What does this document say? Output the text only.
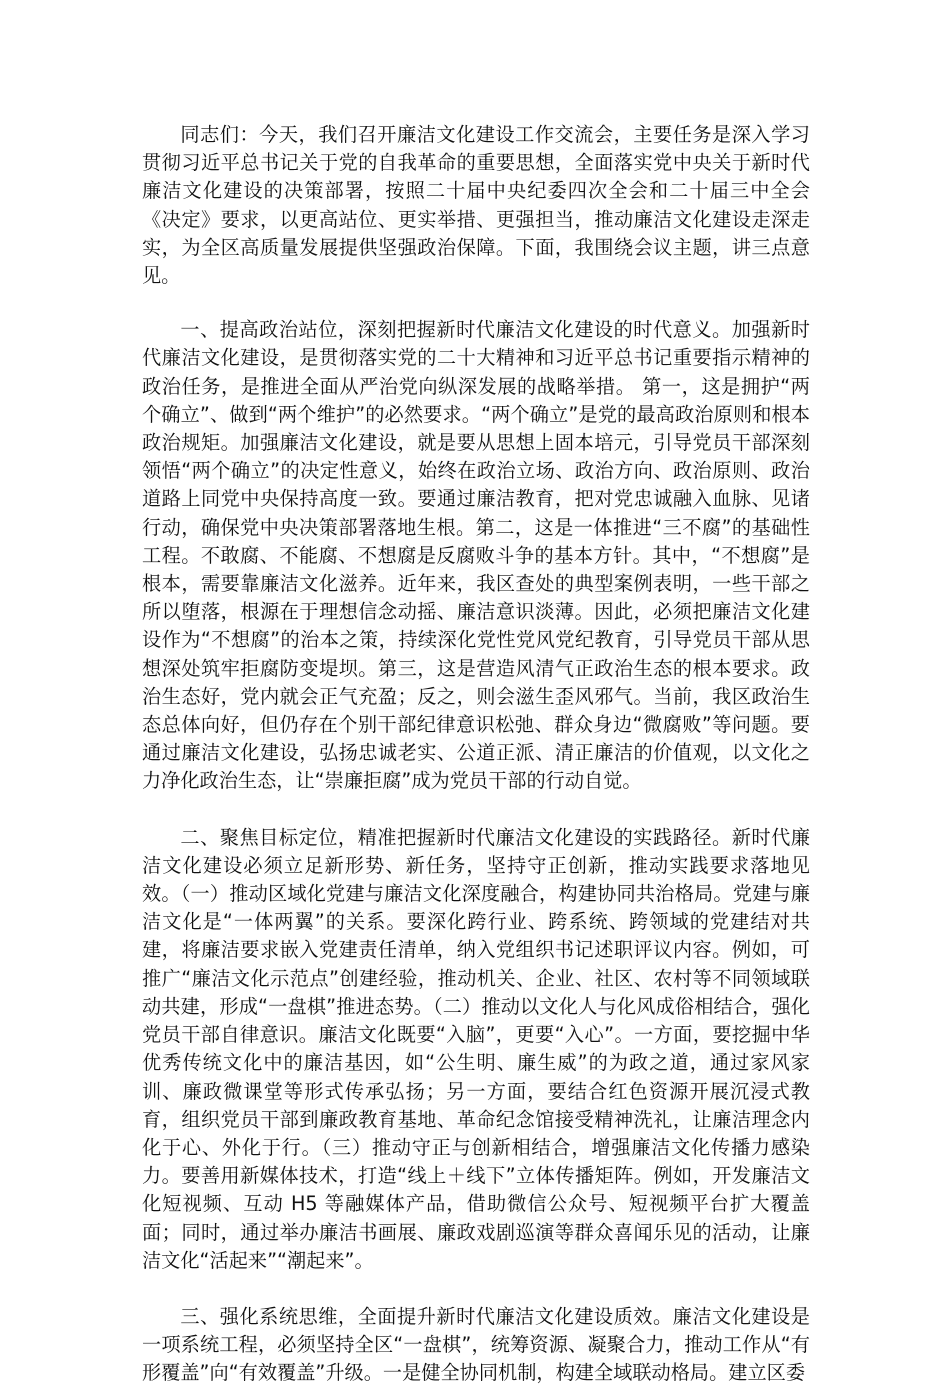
同志们：今天，我们召开廉洁文化建设工作交流会，主要任务是深入学习贯彻习近平总书记关于党的自我革命的重要思想，全面落实党中央关于新时代廉洁文化建设的决策部署，按照二十届中央纪委四次全会和二十届三中全会《决定》要求，以更高站位、更实举措、更强担当，推动廉洁文化建设走深走实，为全区高质量发展提供坚强政治保障。下面，我围绕会议主题，讲三点意见。

一、提高政治站位，深刻把握新时代廉洁文化建设的时代意义。加强新时代廉洁文化建设，是贯彻落实党的二十大精神和习近平总书记重要指示精神的政治任务，是推进全面从严治党向纵深发展的战略举措。 第一，这是拥护“两个确立”、做到“两个维护”的必然要求。“两个确立”是党的最高政治原则和根本政治规矩。加强廉洁文化建设，就是要从思想上固本培元，引导党员干部深刻领悟“两个确立”的决定性意义，始终在政治立场、政治方向、政治原则、政治道路上同党中央保持高度一致。要通过廉洁教育，把对党忠诚融入血脉、见诸行动，确保党中央决策部署落地生根。第二，这是一体推进“三不腐”的基础性工程。不敢腐、不能腐、不想腐是反腐败斗争的基本方针。其中，“不想腐”是根本，需要靠廉洁文化滋养。近年来，我区查处的典型案例表明，一些干部之所以堕落，根源在于理想信念动摇、廉洁意识淡薄。因此，必须把廉洁文化建设作为“不想腐”的治本之策，持续深化党性党风党纪教育，引导党员干部从思想深处筑牢拒腐防变堤坝。第三，这是营造风清气正政治生态的根本要求。政治生态好，党内就会正气充盈；反之，则会滋生歪风邪气。当前，我区政治生态总体向好，但仍存在个别干部纪律意识松弛、群众身边“微腐败”等问题。要通过廉洁文化建设，弘扬忠诚老实、公道正派、清正廉洁的价值观，以文化之力净化政治生态，让“崇廉拒腐”成为党员干部的行动自觉。

二、聚焦目标定位，精准把握新时代廉洁文化建设的实践路径。新时代廉洁文化建设必须立足新形势、新任务，坚持守正创新，推动实践要求落地见效。（一）推动区域化党建与廉洁文化深度融合，构建协同共治格局。党建与廉洁文化是“一体两翼”的关系。要深化跨行业、跨系统、跨领域的党建结对共建，将廉洁要求嵌入党建责任清单，纳入党组织书记述职评议内容。例如，可推广“廉洁文化示范点”创建经验，推动机关、企业、社区、农村等不同领域联动共建，形成“一盘棋”推进态势。（二）推动以文化人与化风成俗相结合，强化党员干部自律意识。廉洁文化既要“入脑”，更要“入心”。一方面，要挖掘中华优秀传统文化中的廉洁基因，如“公生明、廉生威”的为政之道，通过家风家训、廉政微课堂等形式传承弘扬；另一方面，要结合红色资源开展沉浸式教育，组织党员干部到廉政教育基地、革命纪念馆接受精神洗礼，让廉洁理念内化于心、外化于行。（三）推动守正与创新相结合，增强廉洁文化传播力感染力。要善用新媒体技术，打造“线上＋线下”立体传播矩阵。例如，开发廉洁文化短视频、互动 H5 等融媒体产品，借助微信公众号、短视频平台扩大覆盖面；同时，通过举办廉洁书画展、廉政戏剧巡演等群众喜闻乐见的活动，让廉洁文化“活起来”“潮起来”。

三、强化系统思维，全面提升新时代廉洁文化建设质效。廉洁文化建设是一项系统工程，必须坚持全区“一盘棋”，统筹资源、凝聚合力，推动工作从“有形覆盖”向“有效覆盖”升级。一是健全协同机制，构建全域联动格局。建立区委
